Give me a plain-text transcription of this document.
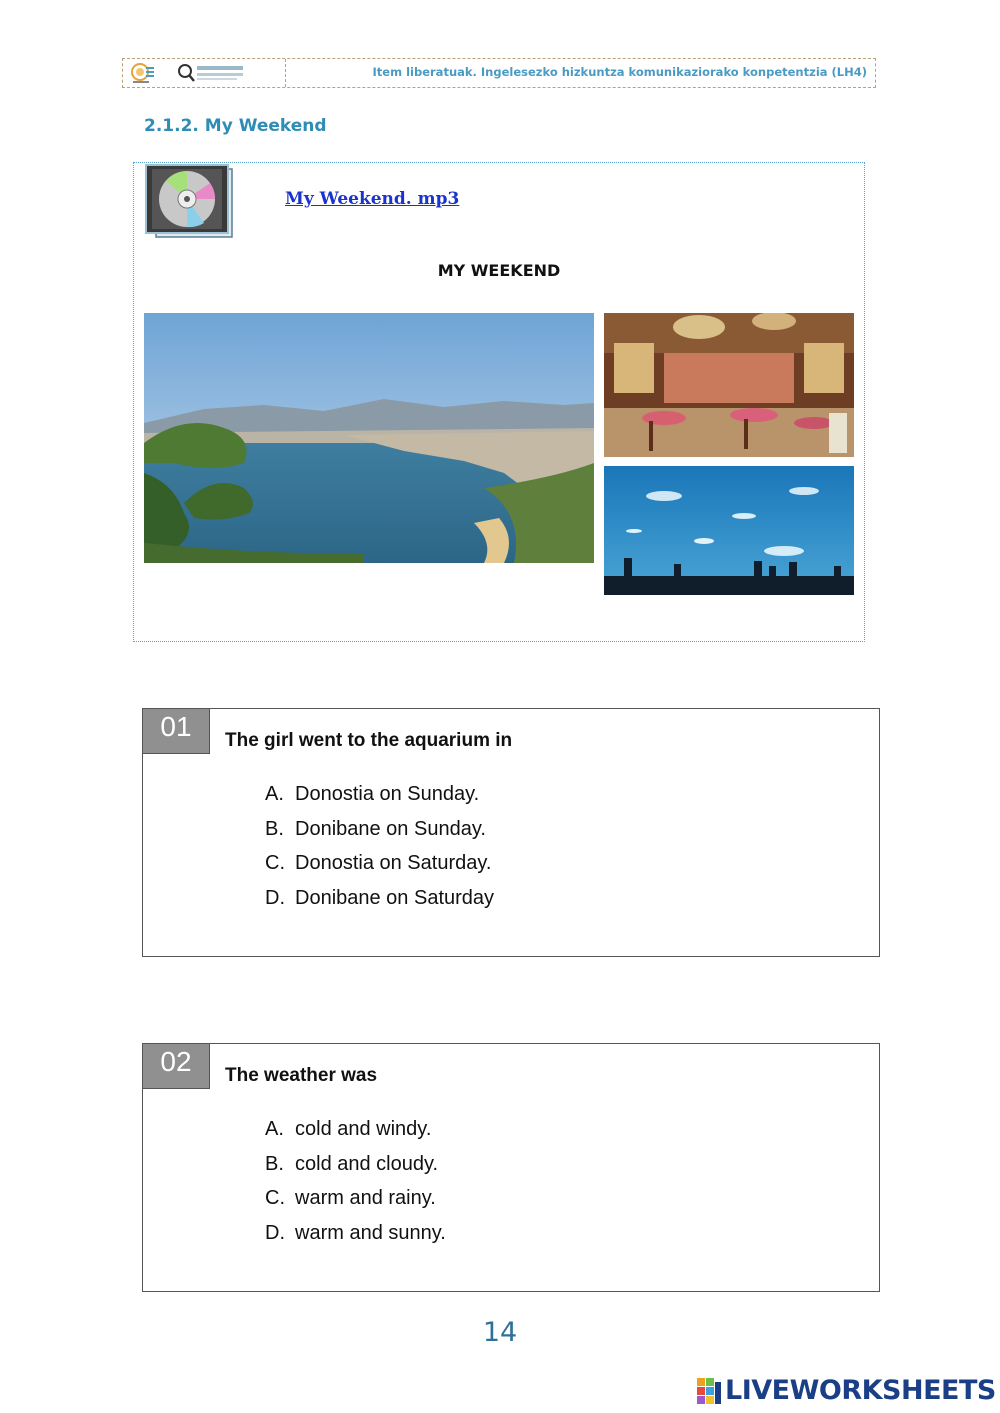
Item liberatuak. Ingelesezko hizkuntza komunikaziorako konpetentzia (LH4)
2.1.2. My Weekend
My Weekend. mp3
MY WEEKEND
01	The girl went to the aquarium in
A. Donostia on Sunday.
B. Donibane on Sunday.
C. Donostia on Saturday.
D. Donibane on Saturday
02	The weather was
A. cold and windy.
B. cold and cloudy.
C. warm and rainy.
D. warm and sunny.
14
LIVEWORKSHEETS
